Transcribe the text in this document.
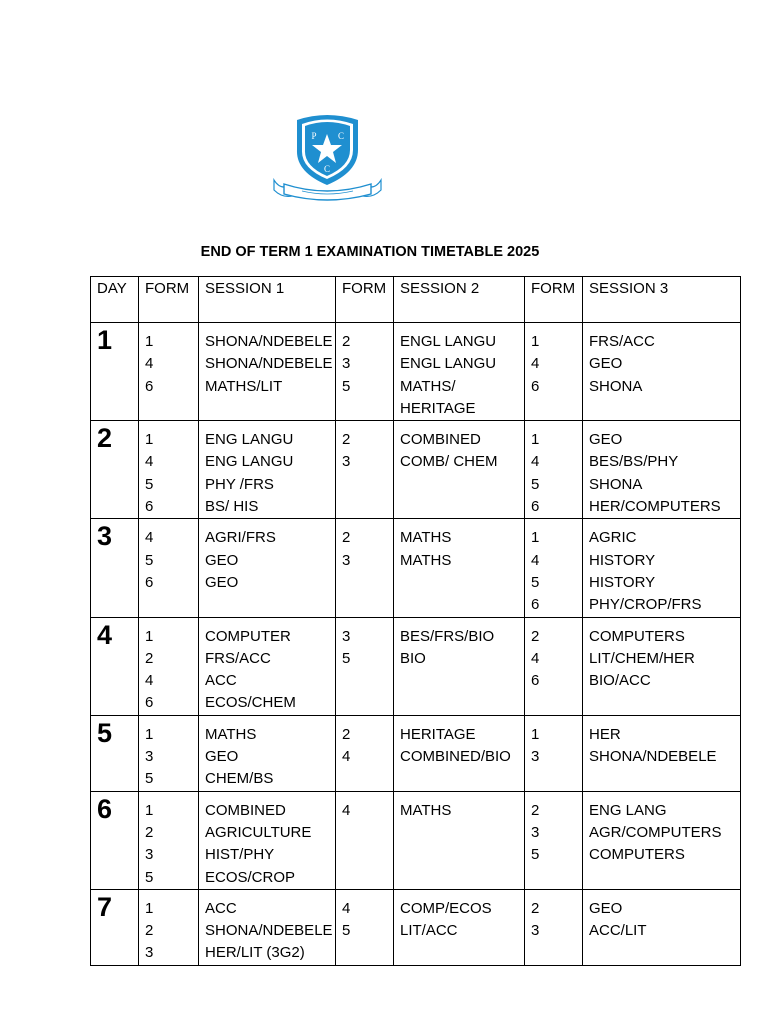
P C
C
END OF TERM 1 EXAMINATION TIMETABLE 2025
DAY	FORM	SESSION 1	FORM	SESSION 2	FORM	SESSION 3

1	1
4
6	SHONA/NDEBELE
SHONA/NDEBELE
MATHS/LIT	2
3
5	ENGL LANGU
ENGL LANGU
MATHS/
HERITAGE	1
4
6	FRS/ACC
GEO
SHONA

2	1
4
5
6	ENG LANGU
ENG LANGU
PHY /FRS
BS/ HIS	2
3	COMBINED
COMB/ CHEM	1
4
5
6	GEO
BES/BS/PHY
SHONA
HER/COMPUTERS

3	4
5
6	AGRI/FRS
GEO
GEO	2
3	MATHS
MATHS	1
4
5
6	AGRIC
HISTORY
HISTORY
PHY/CROP/FRS

4	1
2
4
6	COMPUTER
FRS/ACC
ACC
ECOS/CHEM	3
5	BES/FRS/BIO
BIO	2
4
6	COMPUTERS
LIT/CHEM/HER
BIO/ACC

5	1
3
5	MATHS
GEO
CHEM/BS	2
4	HERITAGE
COMBINED/BIO	1
3	HER
SHONA/NDEBELE

6	1
2
3
5	COMBINED
AGRICULTURE
HIST/PHY
ECOS/CROP	4	MATHS	2
3
5	ENG LANG
AGR/COMPUTERS
COMPUTERS

7	1
2
3	ACC
SHONA/NDEBELE
HER/LIT (3G2)	4
5	COMP/ECOS
LIT/ACC	2
3	GEO
ACC/LIT
